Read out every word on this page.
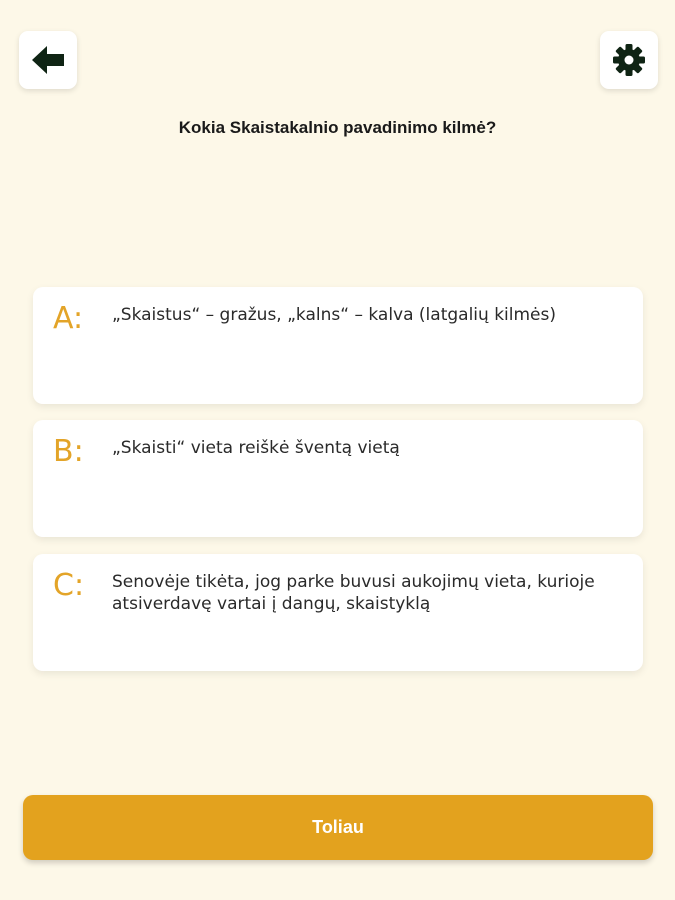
Kokia Skaistakalnio pavadinimo kilmė?
A: „Skaistus“ – gražus, „kalns“ – kalva (latgalių kilmės)
B: „Skaisti“ vieta reiškė šventą vietą
C: Senovėje tikėta, jog parke buvusi aukojimų vieta, kurioje atsiverdavę vartai į dangų, skaistyklą
Toliau
